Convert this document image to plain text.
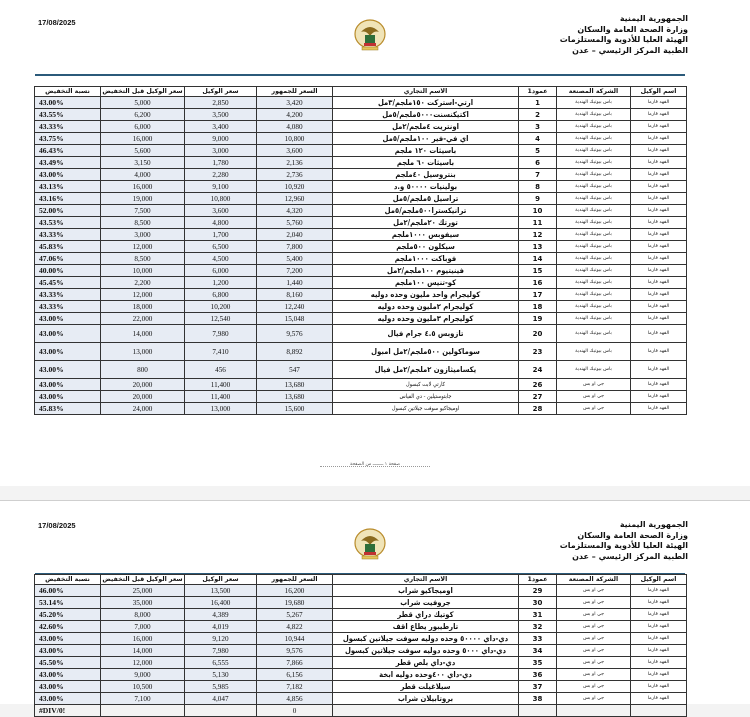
17/08/2025	الجمهورية اليمنية
وزارة الصحة العامة والسكان
الهيئة العليا للأدوية والمستلزمات
الطبية المركز الرئيسي – عدن
نسبة التخفيض	سعر الوكيل قبل التخفيض	سعر الوكيل	السعر للجمهور	الاسم التجاري	عمود1	الشركة المصنعة	اسم الوكيل
43.00%	5,000	2,850	3,420	ارتي-استركت ١٥٠ملجم/٣مل	1	باس بيوتيك الهندية	الفهد فارما
43.55%	6,200	3,500	4,200	اكتيكنسنت٥٠٠٠ملجم/٥مل	2	باس بيوتيك الهندية	الفهد فارما
43.33%	6,000	3,400	4,080	اونتريت ٤ملجم/٢مل	3	باس بيوتيك الهندية	الفهد فارما
43.75%	16,000	9,000	10,800	اي في-فير ١٠٠ملجم/٥مل	4	باس بيوتيك الهندية	الفهد فارما
46.43%	5,600	3,000	3,600	باسيثات ١٢٠ ملجم	5	باس بيوتيك الهندية	الفهد فارما
43.49%	3,150	1,780	2,136	باسيثات ٦٠ ملجم	6	باس بيوتيك الهندية	الفهد فارما
43.00%	4,000	2,280	2,736	بنتروسيل ٤٠ملجم	7	باس بيوتيك الهندية	الفهد فارما
43.13%	16,000	9,100	10,920	بولينيات ٥٠٠٠٠ و.د	8	باس بيوتيك الهندية	الفهد فارما
43.16%	19,000	10,800	12,960	تراسيل ٥ملجم/٥مل	9	باس بيوتيك الهندية	الفهد فارما
52.00%	7,500	3,600	4,320	ترانيكسترا٥٠٠ملجم/٥مل	10	باس بيوتيك الهندية	الفهد فارما
43.53%	8,500	4,800	5,760	تورتك ٢٠ملجم/٢مل	11	باس بيوتيك الهندية	الفهد فارما
43.33%	3,000	1,700	2,040	سيفوبس ١٠٠٠ملجم	12	باس بيوتيك الهندية	الفهد فارما
45.83%	12,000	6,500	7,800	سيكلون ٥٠٠ملجم	13	باس بيوتيك الهندية	الفهد فارما
47.06%	8,500	4,500	5,400	فوباكت ١٠٠٠ملجم	14	باس بيوتيك الهندية	الفهد فارما
40.00%	10,000	6,000	7,200	فينيتيوم ١٠٠ملجم/٢مل	15	باس بيوتيك الهندية	الفهد فارما
45.45%	2,200	1,200	1,440	كو-تنيس ١٠٠ملجم	16	باس بيوتيك الهندية	الفهد فارما
43.33%	12,000	6,800	8,160	كوليجرام واحد مليون وحده دوليه	17	باس بيوتيك الهندية	الفهد فارما
43.33%	18,000	10,200	12,240	كوليجرام ٢مليون وحده دوليه	18	باس بيوتيك الهندية	الفهد فارما
43.00%	22,000	12,540	15,048	كوليجرام ٣مليون وحده دوليه	19	باس بيوتيك الهندية	الفهد فارما
43.00%	14,000	7,980	9,576	تازوبس ٤.٥ جرام فيال	20	باس بيوتيك الهندية	الفهد فارما
43.00%	13,000	7,410	8,892	سوماكولين ٥٠٠ملجم/٢مل امبول	23	باس بيوتيك الهندية	الفهد فارما
43.00%	800	456	547	يكساميثازون ٢ملجم/٢مل فيال	24	باس بيوتيك الهندية	الفهد فارما
43.00%	20,000	11,400	13,680	كارتي لابت كبسول	26	جي او بس	الفهد فارما
43.00%	20,000	11,400	13,680	جابتوستيلين - دي الفياس	27	جي او بس	الفهد فارما
45.83%	24,000	13,000	15,600	اوميجاكيو سوفت جيلاتين كبسول	28	جي او بس	الفهد فارما
صفحة ١ ــــــــ من الصفحة
17/08/2025	الجمهورية اليمنية
وزارة الصحة العامة والسكان
الهيئة العليا للأدوية والمستلزمات
الطبية المركز الرئيسي – عدن
نسبة التخفيض	سعر الوكيل قبل التخفيض	سعر الوكيل	السعر للجمهور	الاسم التجاري	عمود1	الشركة المصنعة	اسم الوكيل
46.00%	25,000	13,500	16,200	اوميجاكيو شراب	29	جي او بس	الفهد فارما
53.14%	35,000	16,400	19,680	جروفيت شراب	30	جي او بس	الفهد فارما
45.20%	8,000	4,389	5,267	كوتيك دراي قطر	31	جي او بس	الفهد فارما
42.60%	7,000	4,019	4,822	تارطيبور يطاع اقف	32	جي او بس	الفهد فارما
43.00%	16,000	9,120	10,944	دي-داي ٥٠٠٠٠ وحده دوليه سوفت جيلاتين كبسول	33	جي او بس	الفهد فارما
43.00%	14,000	7,980	9,576	دي-داي ٥٠٠٠ وحده دوليه سوفت جيلاتين كبسول	34	جي او بس	الفهد فارما
45.50%	12,000	6,555	7,866	دي-داي بلص قطر	35	جي او بس	الفهد فارما
43.00%	9,000	5,130	6,156	دي-داي ٤٠٠وحده دوليه ابخة	36	جي او بس	الفهد فارما
43.00%	10,500	5,985	7,182	سيلاغيلت قطر	37	جي او بس	الفهد فارما
43.00%	7,100	4,047	4,856	بروتابيلان شراب	38	جي او بس	الفهد فارما
#DIV/0!			0				
